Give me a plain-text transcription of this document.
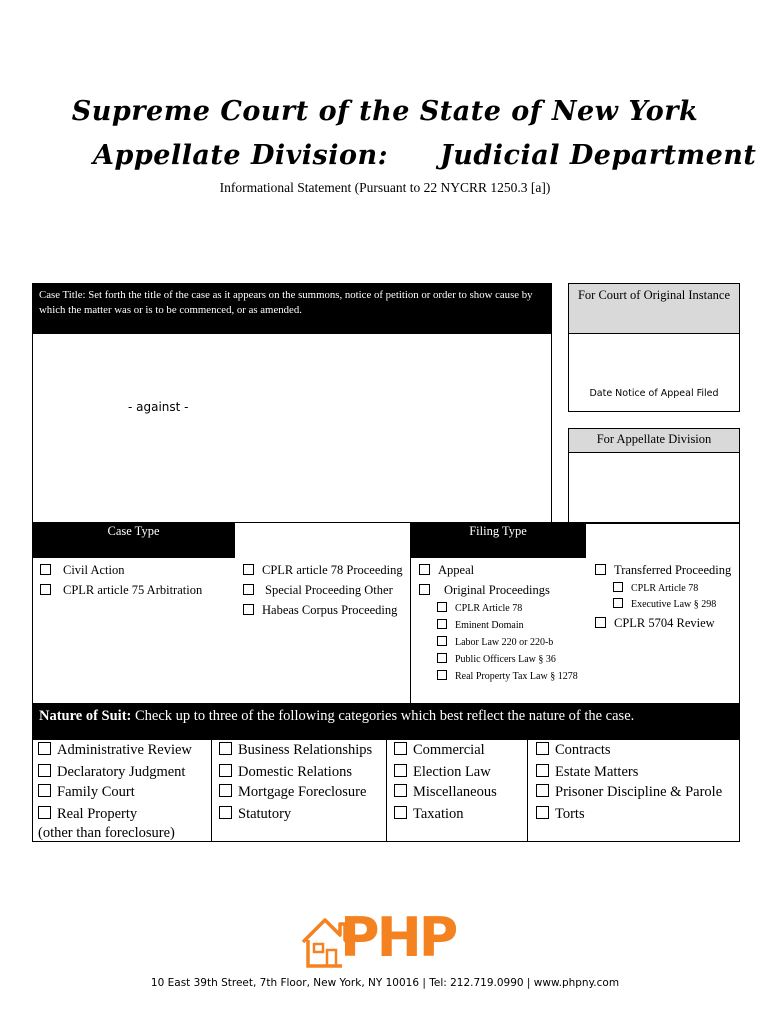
Supreme Court of the State of New York
Appellate Division: Judicial Department
Informational Statement (Pursuant to 22 NYCRR 1250.3 [a])
Case Title: Set forth the title of the case as it appears on the summons, notice of petition or order to show cause by which the matter was or is to be commenced, or as amended.
- against -
For Court of Original Instance
Date Notice of Appeal Filed
For Appellate Division
Case Type	Filing Type
Civil Action
CPLR article 75 Arbitration
CPLR article 78 Proceeding
Special Proceeding Other
Habeas Corpus Proceeding
Appeal
Original Proceedings
CPLR Article 78
Eminent Domain
Labor Law 220 or 220-b
Public Officers Law § 36
Real Property Tax Law § 1278
Transferred Proceeding
CPLR Article 78
Executive Law § 298
CPLR 5704 Review
Nature of Suit: Check up to three of the following categories which best reflect the nature of the case.
Administrative Review
Declaratory Judgment
Family Court
Real Property
(other than foreclosure)
Business Relationships
Domestic Relations
Mortgage Foreclosure
Statutory
Commercial
Election Law
Miscellaneous
Taxation
Contracts
Estate Matters
Prisoner Discipline & Parole
Torts
PHP
10 East 39th Street, 7th Floor, New York, NY 10016 | Tel: 212.719.0990 | www.phpny.com
